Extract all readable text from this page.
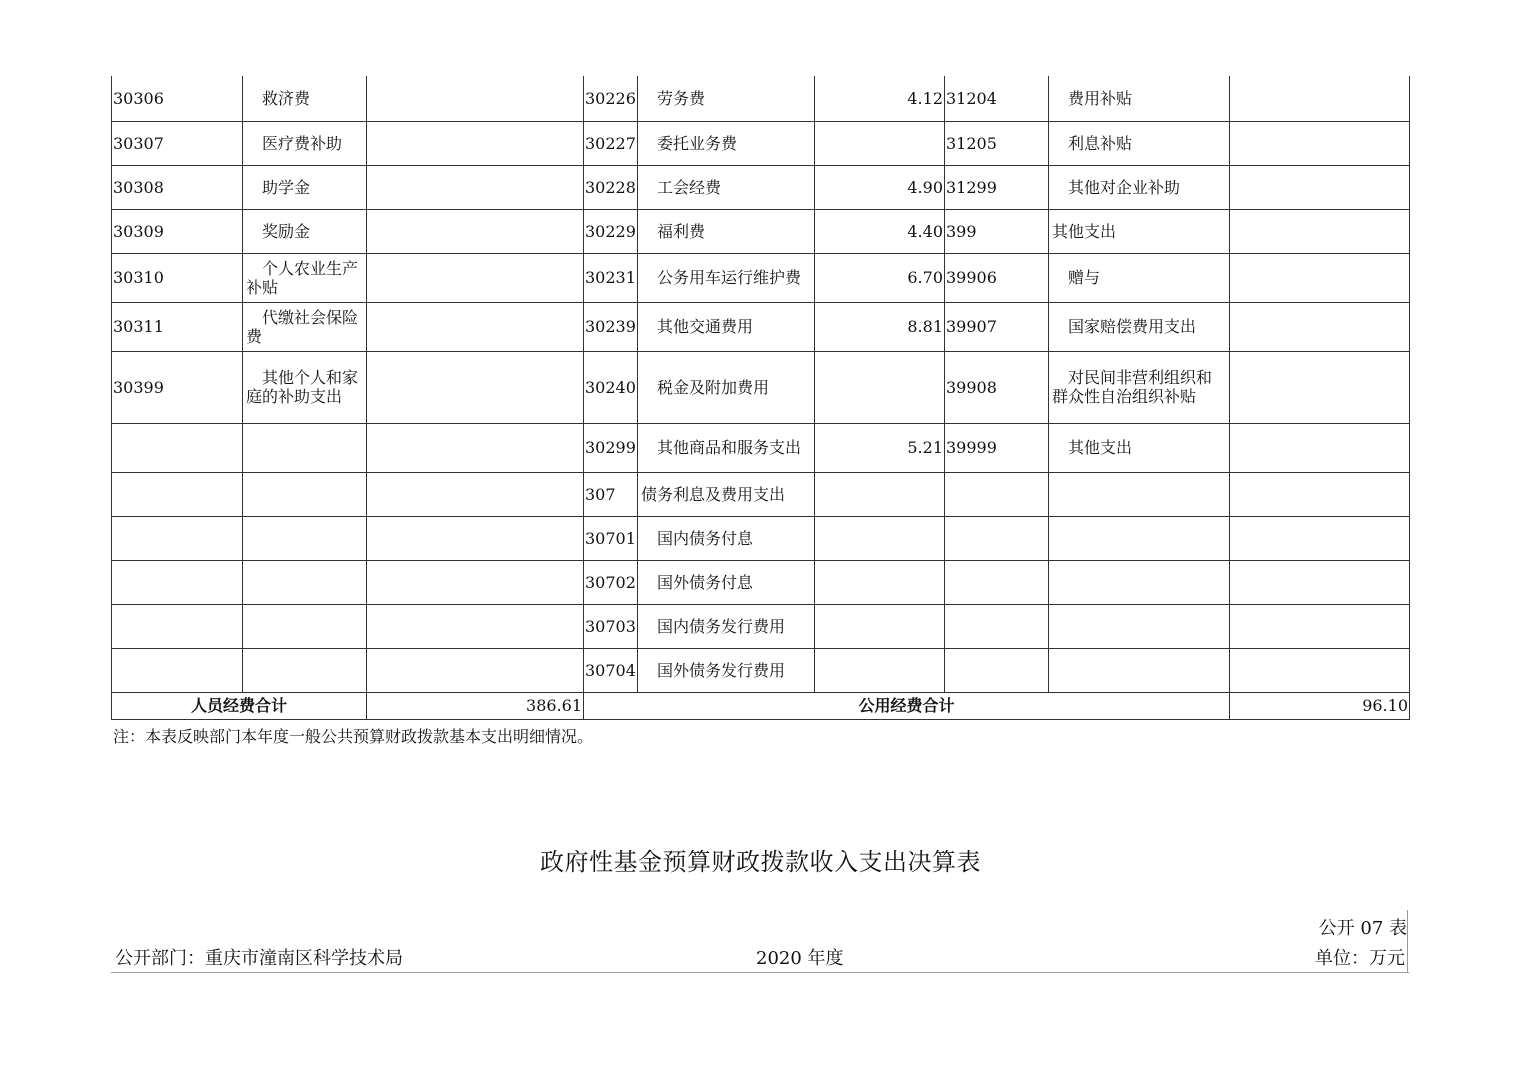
30306	救济费		30226	劳务费	4.12	31204	费用补贴	
30307	医疗费补助		30227	委托业务费		31205	利息补贴	
30308	助学金		30228	工会经费	4.90	31299	其他对企业补助	
30309	奖励金		30229	福利费	4.40	399	其他支出	
30310	个人农业生产补贴		30231	公务用车运行维护费	6.70	39906	赠与	
30311	代缴社会保险费		30239	其他交通费用	8.81	39907	国家赔偿费用支出	
30399	其他个人和家庭的补助支出		30240	税金及附加费用		39908	对民间非营利组织和群众性自治组织补贴	
			30299	其他商品和服务支出	5.21	39999	其他支出	
			307	债务利息及费用支出				
			30701	国内债务付息				
			30702	国外债务付息				
			30703	国内债务发行费用				
			30704	国外债务发行费用				
人员经费合计		386.61	公用经费合计					96.10
注：本表反映部门本年度一般公共预算财政拨款基本支出明细情况。
政府性基金预算财政拨款收入支出决算表
公开 07 表
公开部门：重庆市潼南区科学技术局	2020 年度	单位：万元
